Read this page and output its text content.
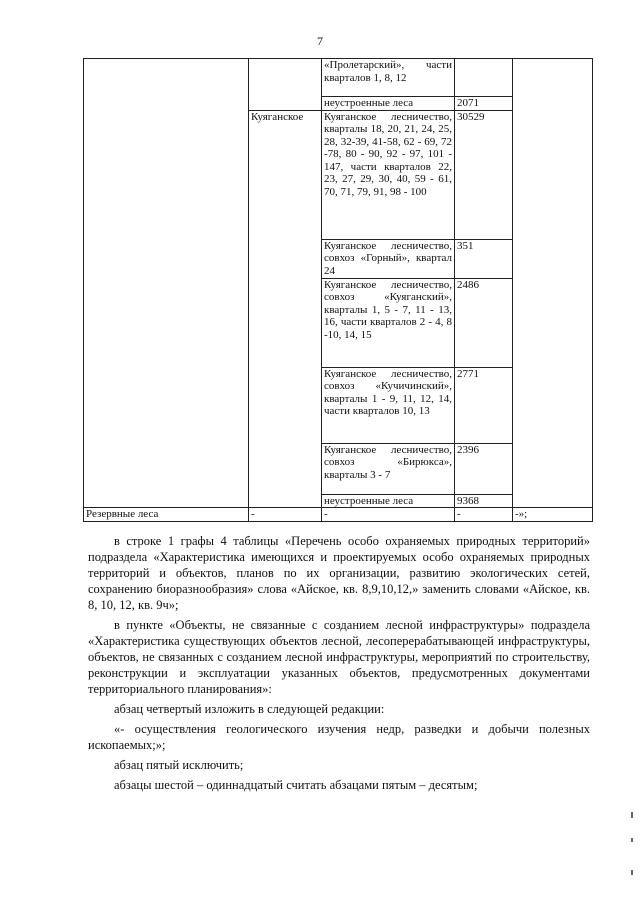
7
		«Пролетарский», части кварталов 1, 8, 12		
		неустроенные леса	2071	
	Куяганское	Куяганское лесничество, кварталы 18, 20, 21, 24, 25, 28, 32-39, 41-58, 62 - 69, 72 -78, 80 - 90, 92 - 97, 101 - 147, части кварталов 22, 23, 27, 29, 30, 40, 59 - 61, 70, 71, 79, 91, 98 - 100	30529	
		Куяганское лесничество, совхоз «Горный», квартал 24	351	
		Куяганское лесничество, совхоз «Куяганский», кварталы 1, 5 - 7, 11 - 13, 16, части кварталов 2 - 4, 8 -10, 14, 15	2486	
		Куяганское лесничество, совхоз «Кучичинский», кварталы 1 - 9, 11, 12, 14, части кварталов 10, 13	2771	
		Куяганское лесничество, совхоз «Бирюкса», кварталы 3 - 7	2396	
		неустроенные леса	9368	
Резервные леса	-	-	-	-»;

в строке 1 графы 4 таблицы «Перечень особо охраняемых природных территорий» подраздела «Характеристика имеющихся и проектируемых особо охраняемых природных территорий и объектов, планов по их организации, развитию экологических сетей, сохранению биоразнообразия» слова «Айское, кв. 8,9,10,12,» заменить словами «Айское, кв. 8, 10, 12, кв. 9ч»;

в пункте «Объекты, не связанные с созданием лесной инфраструктуры» подраздела «Характеристика существующих объектов лесной, лесоперерабатывающей инфраструктуры, объектов, не связанных с созданием лесной инфраструктуры, мероприятий по строительству, реконструкции и эксплуатации указанных объектов, предусмотренных документами территориального планирования»:

абзац четвертый изложить в следующей редакции:

«- осуществления геологического изучения недр, разведки и добычи полезных ископаемых;»;

абзац пятый исключить;

абзацы шестой – одиннадцатый считать абзацами пятым – десятым;
